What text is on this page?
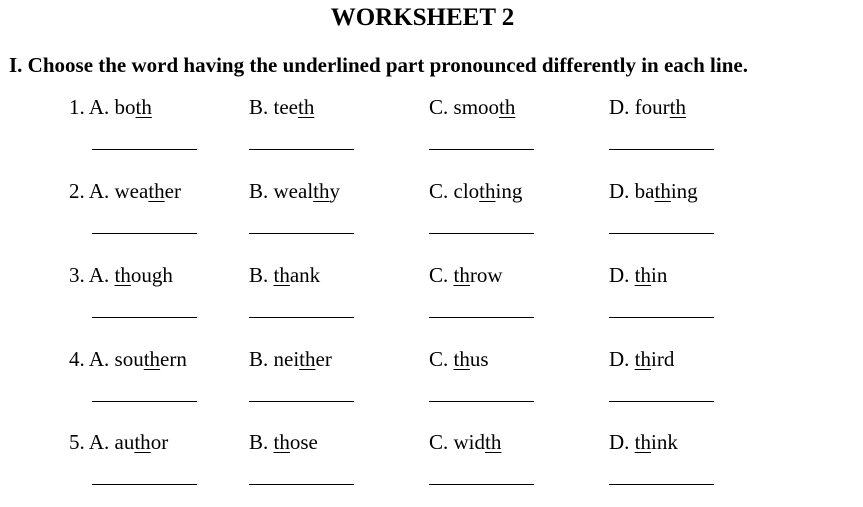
WORKSHEET 2
I. Choose the word having the underlined part pronounced differently in each line.
1. A. both	B. teeth	C. smooth	D. fourth
2. A. weather	B. wealthy	C. clothing	D. bathing
3. A. though	B. thank	C. throw	D. thin
4. A. southern	B. neither	C. thus	D. third
5. A. author	B. those	C. width	D. think
